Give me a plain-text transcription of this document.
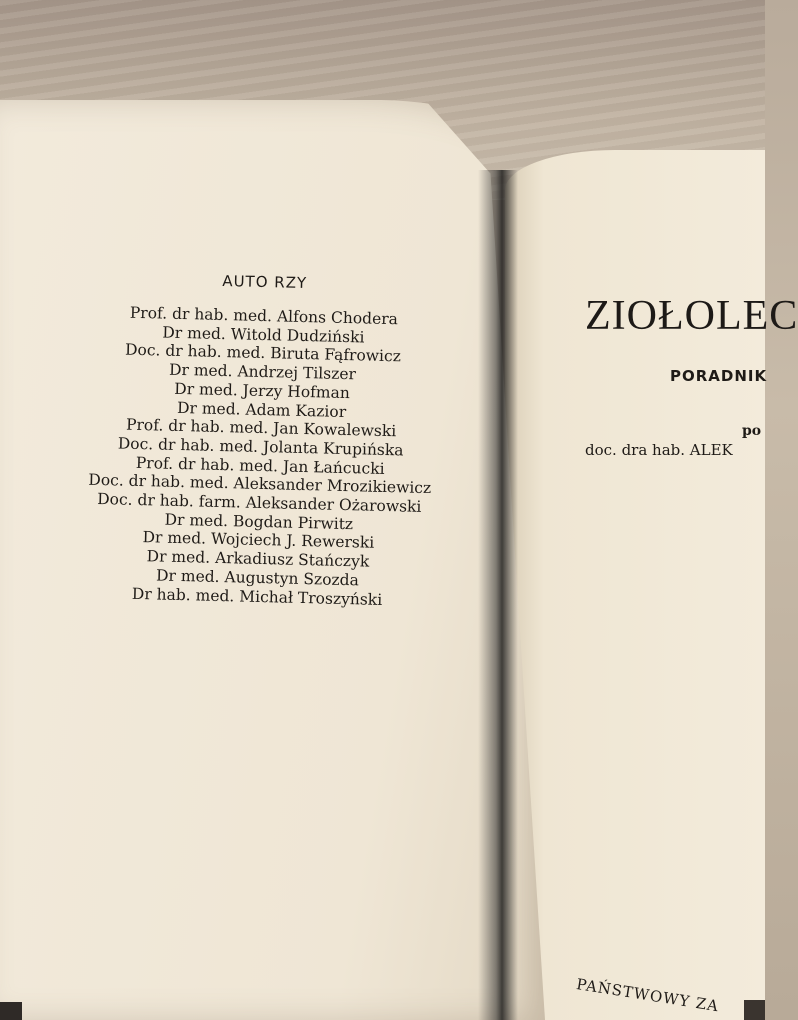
AUTO RZY
Prof. dr hab. med. Alfons Chodera
Dr med. Witold Dudziński
Doc. dr hab. med. Biruta Fąfrowicz
Dr med. Andrzej Tilszer
Dr med. Jerzy Hofman
Dr med. Adam Kazior
Prof. dr hab. med. Jan Kowalewski
Doc. dr hab. med. Jolanta Krupińska
Prof. dr hab. med. Jan Łańcucki
Doc. dr hab. med. Aleksander Mrozikiewicz
Doc. dr hab. farm. Aleksander Ożarowski
Dr med. Bogdan Pirwitz
Dr med. Wojciech J. Rewerski
Dr med. Arkadiusz Stańczyk
Dr med. Augustyn Szozda
Dr hab. med. Michał Troszyński
ZIOŁOLEC
PORADNIK
po
doc. dra hab. ALEK
PAŃSTWOWY ZA
